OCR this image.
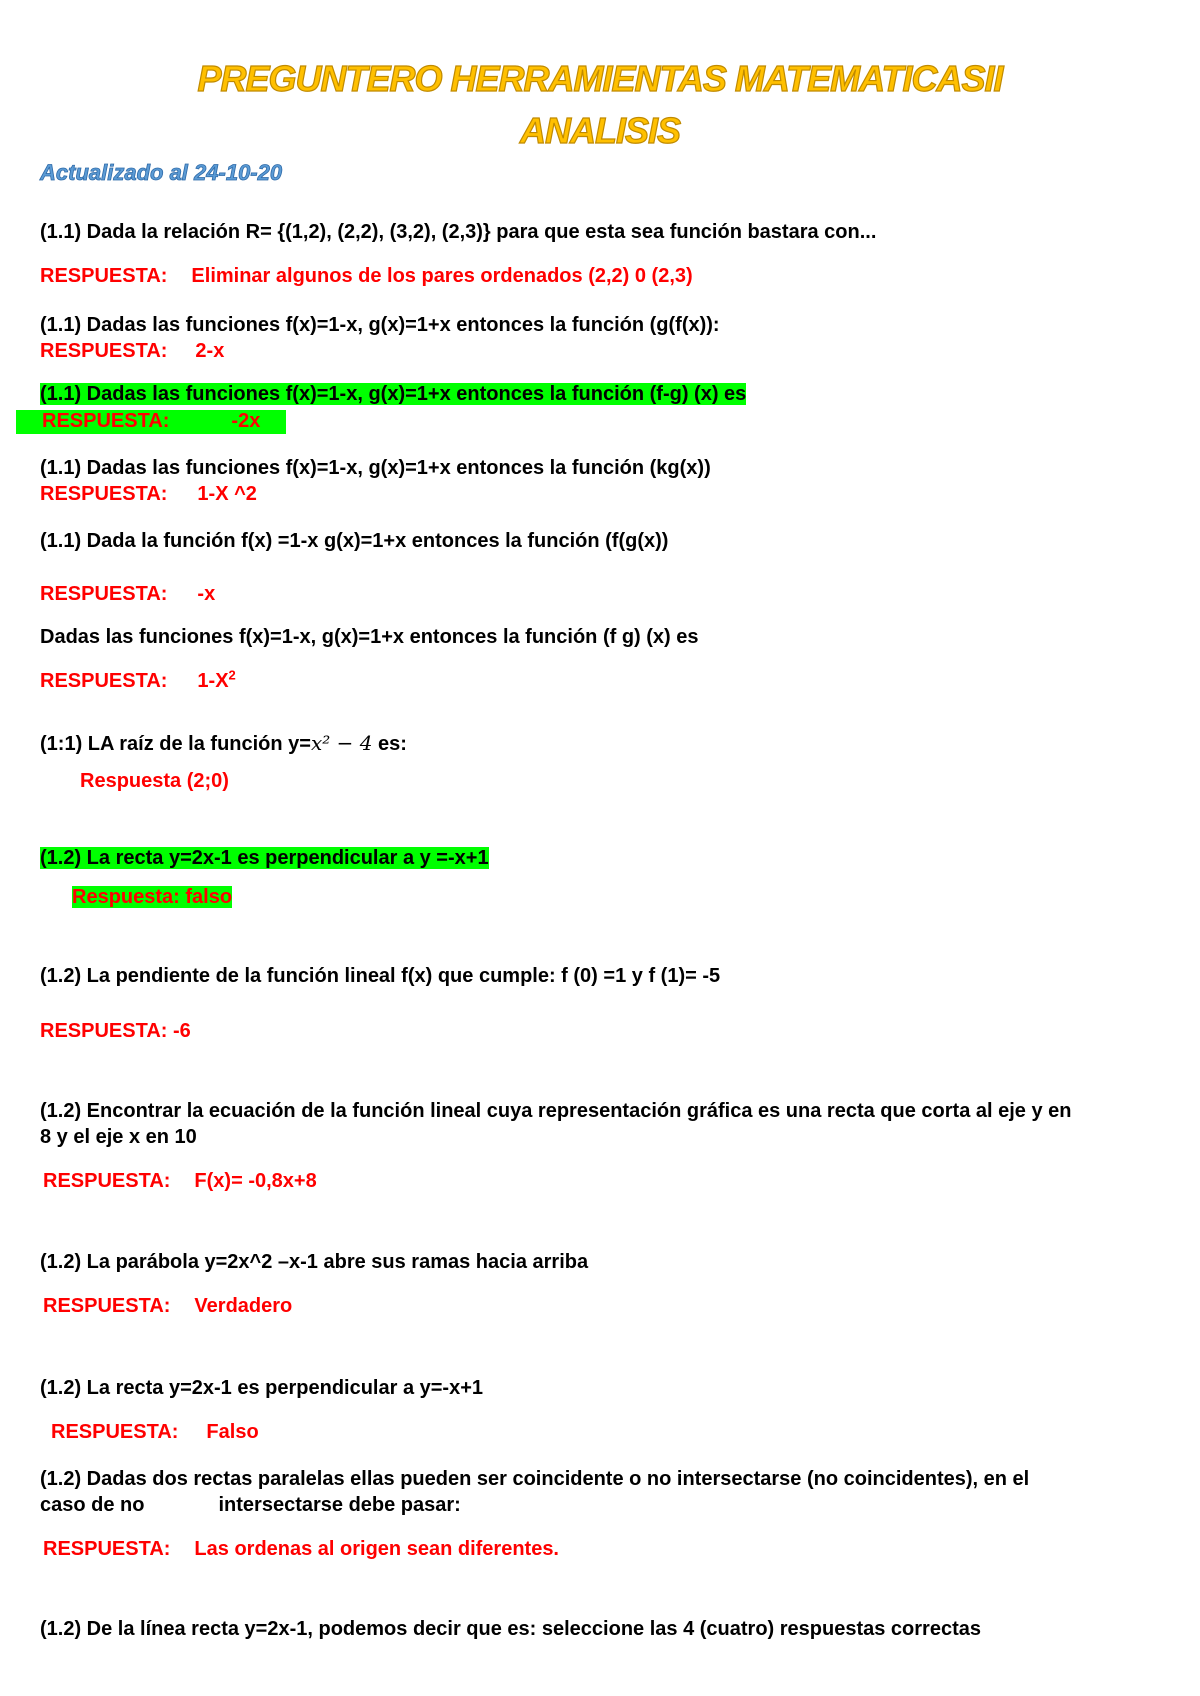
PREGUNTERO HERRAMIENTAS MATEMATICASII
ANALISIS
Actualizado al 24-10-20
(1.1) Dada la relación R= {(1,2), (2,2), (3,2), (2,3)} para que esta sea función bastara con...
RESPUESTA: Eliminar algunos de los pares ordenados (2,2) 0 (2,3)
(1.1) Dadas las funciones f(x)=1-x, g(x)=1+x entonces la función (g(f(x)):
RESPUESTA: 2-x
(1.1) Dadas las funciones f(x)=1-x, g(x)=1+x entonces la función (f-g) (x) es
RESPUESTA:	-2x
(1.1) Dadas las funciones f(x)=1-x, g(x)=1+x entonces la función (kg(x))
RESPUESTA: 1-X ^2
(1.1) Dada la función f(x) =1-x g(x)=1+x entonces la función (f(g(x))
RESPUESTA: -x
Dadas las funciones f(x)=1-x, g(x)=1+x entonces la función (f g) (x) es
RESPUESTA: $1-X^2$
(1:1) LA raíz de la función y=x² − 4 es:
Respuesta (2;0)
(1.2) La recta y=2x-1 es perpendicular a y =-x+1
Respuesta: falso
(1.2) La pendiente de la función lineal f(x) que cumple: f (0) =1 y f (1)= -5
RESPUESTA: -6
(1.2) Encontrar la ecuación de la función lineal cuya representación gráfica es una recta que corta al eje y en
8 y el eje x en 10
RESPUESTA: F(x)= -0,8x+8
(1.2) La parábola y=2x^2 –x-1 abre sus ramas hacia arriba
RESPUESTA: Verdadero
(1.2) La recta y=2x-1 es perpendicular a y=-x+1
RESPUESTA: Falso
(1.2) Dadas dos rectas paralelas ellas pueden ser coincidente o no intersectarse (no coincidentes), en el
caso de no	intersectarse debe pasar:
RESPUESTA: Las ordenas al origen sean diferentes.
(1.2) De la línea recta y=2x-1, podemos decir que es: seleccione las 4 (cuatro) respuestas correctas
